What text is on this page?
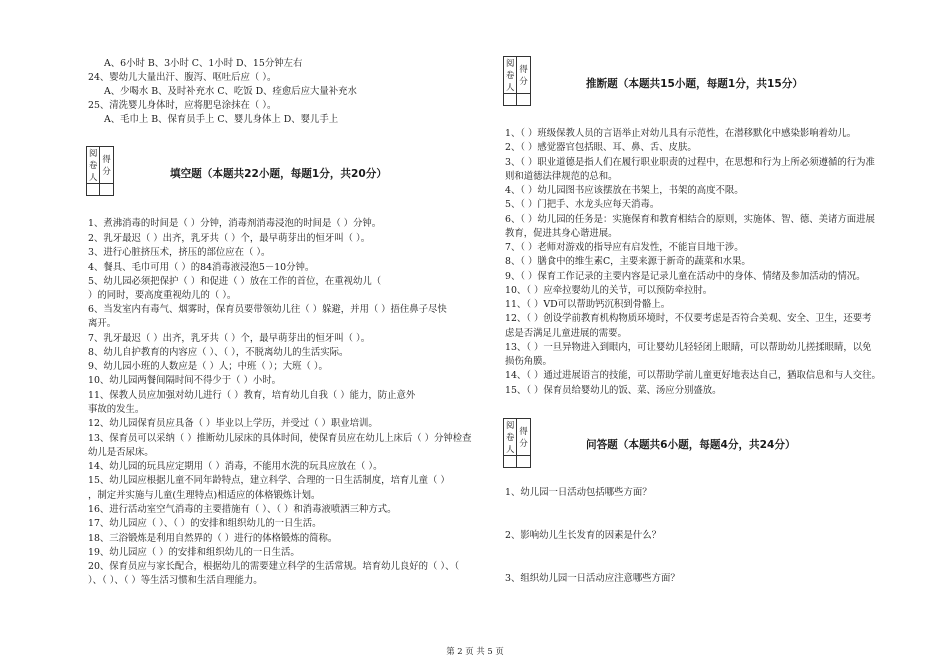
A、6小时 B、3小时 C、1小时 D、15分钟左右
24、婴幼儿大量出汗、腹泻、呕吐后应（ ）。
A、少喝水 B、及时补充水 C、吃饭 D、痊愈后应大量补充水
25、清洗婴儿身体时，应将肥皂涂抹在（ ）。
A、毛巾上 B、保育员手上 C、婴儿身体上 D、婴儿手上
阅卷人	得分
		填空题（本题共22小题，每题1分，共20分）
1、煮沸消毒的时间是（ ）分钟，消毒剂消毒浸泡的时间是（ ）分钟。
2、乳牙最迟（ ）出齐，乳牙共（ ）个，最早萌芽出的恒牙叫（ ）。
3、进行心脏挤压术，挤压的部位应在（ ）。
4、餐具、毛巾可用（ ）的84消毒液浸泡5－10分钟。
5、幼儿园必须把保护（ ）和促进（ ）放在工作的首位，在重视幼儿（
）的同时，要高度重视幼儿的（ ）。
6、当发室内有毒气、烟雾时，保育员要带领幼儿往（ ）躲避，并用（ ）捂住鼻子尽快
离开。
7、乳牙最迟（ ）出齐，乳牙共（ ）个，最早萌芽出的恒牙叫（ ）。
8、幼儿自护教育的内容应（ ）、（ ），不脱离幼儿的生活实际。
9、幼儿园小班的人数应是（ ）人；中班（ ）；大班（ ）。
10、幼儿园两餐间隔时间不得少于（ ）小时。
11、保教人员应加强对幼儿进行（ ）教育，培育幼儿自我（ ）能力，防止意外
事故的发生。
12、幼儿园保育员应具备（ ）毕业以上学历，并受过（ ）职业培训。
13、保育员可以采纳（ ）推断幼儿尿床的具体时间，使保育员应在幼儿上床后（ ）分钟检查
幼儿是否尿床。
14、幼儿园的玩具应定期用（ ）消毒，不能用水洗的玩具应放在（ ）。
15、幼儿园应根据儿童不同年龄特点，建立科学、合理的一日生活制度，培育儿童（ ）
，制定并实施与儿童(生理特点)相适应的体格锻炼计划。
16、进行活动室空气消毒的主要措施有（ ）、（ ）和消毒液喷洒三种方式。
17、幼儿园应（ ）、（ ）的安排和组织幼儿的一日生活。
18、三浴锻炼是利用自然界的（ ）进行的体格锻炼的简称。
19、幼儿园应（ ）的安排和组织幼儿的一日生活。
20、保育员应与家长配合，根据幼儿的需要建立科学的生活常规。培育幼儿良好的（ ）、（
）、（ ）、（ ）等生活习惯和生活自理能力。
阅卷人	得分
		推断题（本题共15小题，每题1分，共15分）
1、（ ）班级保教人员的言语举止对幼儿具有示范性，在潜移默化中感染影响着幼儿。
2、（ ）感觉器官包括眼、耳、鼻、舌、皮肤。
3、（ ）职业道德是指人们在履行职业职责的过程中，在思想和行为上所必须遵循的行为准
则和道德法律规范的总和。
4、（ ）幼儿园图书应该摆放在书架上，书架的高度不限。
5、（ ）门把手、水龙头应每天消毒。
6、（ ）幼儿园的任务是：实施保育和教育相结合的原则，实施体、智、德、美诸方面进展
教育，促进其身心谐进展。
7、（ ）老师对游戏的指导应有启发性，不能盲目地干涉。
8、（ ）膳食中的维生素C，主要来源于新奇的蔬菜和水果。
9、（ ）保育工作记录的主要内容是记录儿童在活动中的身体、情绪及参加活动的情况。
10、（ ）应牵拉婴幼儿的关节，可以预防牵拉肘。
11、（ ）VD可以帮助钙沉积到骨骼上。
12、（ ）创设学前教育机构物质环境时，不仅要考虑是否符合美观、安全、卫生，还要考
虑是否满足儿童进展的需要。
13、（ ）一旦异物进入到眼内，可让婴幼儿轻轻闭上眼睛，可以帮助幼儿搓揉眼睛，以免
损伤角膜。
14、（ ）通过进展语言的技能，可以帮助学前儿童更好地表达自己，猶取信息和与人交往。
15、（ ）保育员给婴幼儿的饭、菜、汤应分别盛放。
阅卷人	得分
		问答题（本题共6小题，每题4分，共24分）
1、幼儿园一日活动包括哪些方面？
2、影响幼儿生长发育的因素是什么？
3、组织幼儿园一日活动应注意哪些方面？
第 2 页 共 5 页
